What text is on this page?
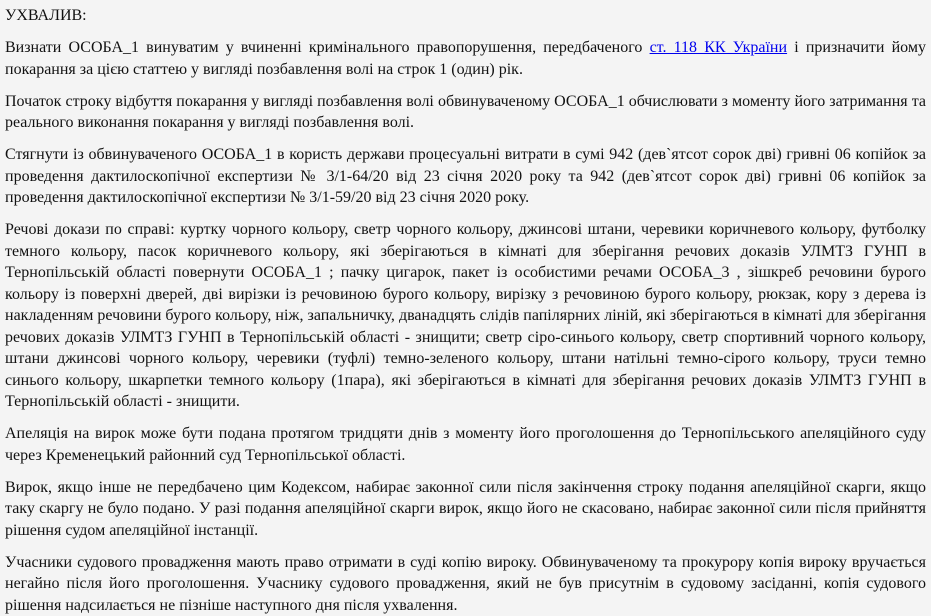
УХВАЛИВ:

Визнати ОСОБА_1 винуватим у вчиненні кримінального правопорушення, передбаченого ст. 118 КК України і призначити йому покарання за цією статтею у вигляді позбавлення волі на строк 1 (один) рік.

Початок строку відбуття покарання у вигляді позбавлення волі обвинуваченому ОСОБА_1 обчислювати з моменту його затримання та реального виконання покарання у вигляді позбавлення волі.

Стягнути із обвинуваченого ОСОБА_1 в користь держави процесуальні витрати в сумі 942 (дев`ятсот сорок дві) гривні 06 копійок за проведення дактилоскопічної експертизи № 3/1-64/20 від 23 січня 2020 року та 942 (дев`ятсот сорок дві) гривні 06 копійок за проведення дактилоскопічної експертизи № 3/1-59/20 від 23 січня 2020 року.

Речові докази по справі: куртку чорного кольору, светр чорного кольору, джинсові штани, черевики коричневого кольору, футболку темного кольору, пасок коричневого кольору, які зберігаються в кімнаті для зберігання речових доказів УЛМТЗ ГУНП в Тернопільській області повернути ОСОБА_1 ; пачку цигарок, пакет із особистими речами ОСОБА_3 , зішкреб речовини бурого кольору із поверхні дверей, дві вирізки із речовиною бурого кольору, вирізку з речовиною бурого кольору, рюкзак, кору з дерева із накладенням речовини бурого кольору, ніж, запальничку, дванадцять слідів папілярних ліній, які зберігаються в кімнаті для зберігання речових доказів УЛМТЗ ГУНП в Тернопільській області - знищити; светр сіро-синього кольору, светр спортивний чорного кольору, штани джинсові чорного кольору, черевики (туфлі) темно-зеленого кольору, штани натільні темно-сірого кольору, труси темно синього кольору, шкарпетки темного кольору (1пара), які зберігаються в кімнаті для зберігання речових доказів УЛМТЗ ГУНП в Тернопільській області - знищити.

Апеляція на вирок може бути подана протягом тридцяти днів з моменту його проголошення до Тернопільського апеляційного суду через Кременецький районний суд Тернопільської області.

Вирок, якщо інше не передбачено цим Кодексом, набирає законної сили після закінчення строку подання апеляційної скарги, якщо таку скаргу не було подано. У разі подання апеляційної скарги вирок, якщо його не скасовано, набирає законної сили після прийняття рішення судом апеляційної інстанції.

Учасники судового провадження мають право отримати в суді копію вироку. Обвинуваченому та прокурору копія вироку вручається негайно після його проголошення. Учаснику судового провадження, який не був присутнім в судовому засіданні, копія судового рішення надсилається не пізніше наступного дня після ухвалення.
